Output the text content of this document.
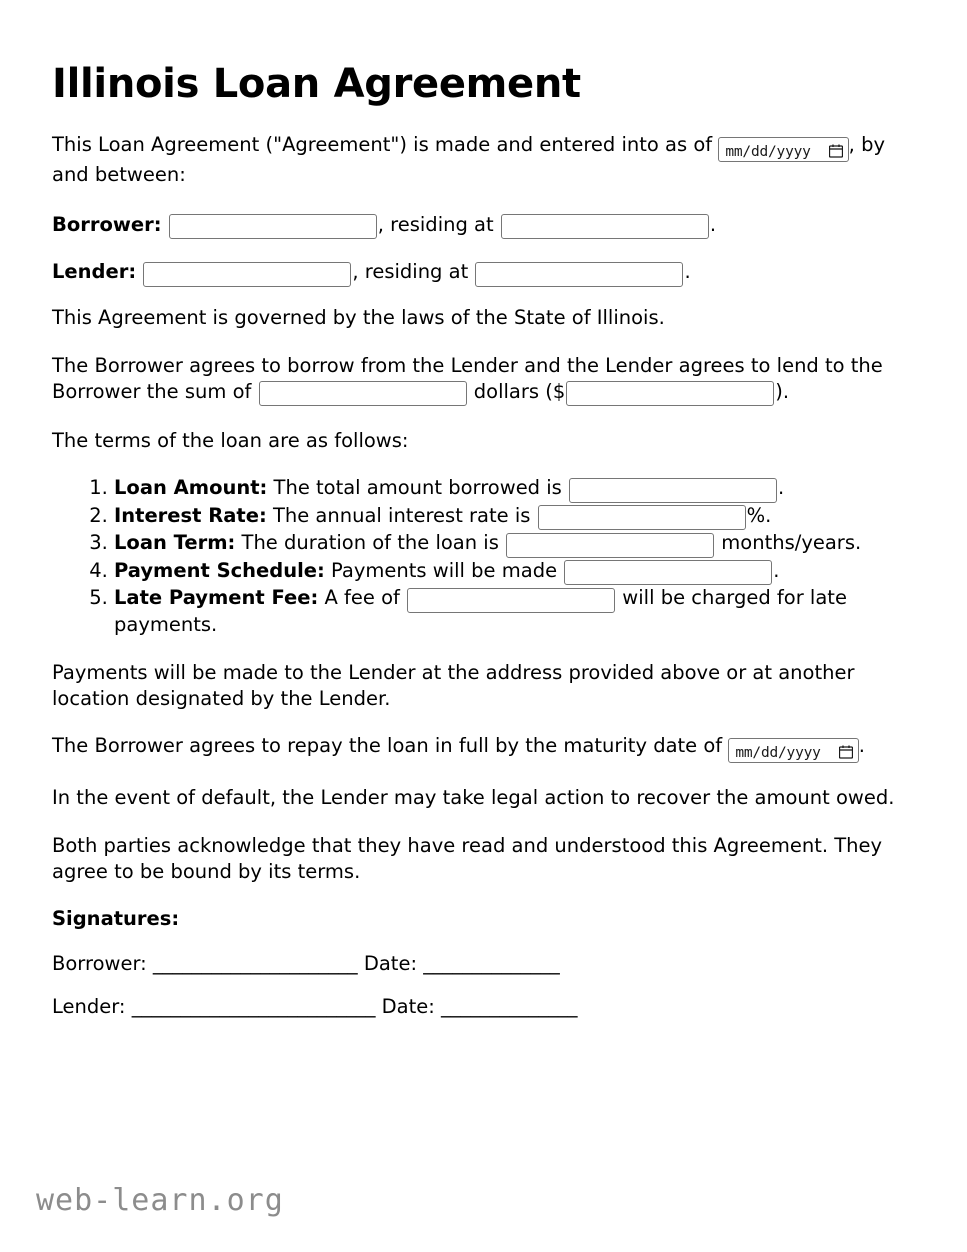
Illinois Loan Agreement

This Loan Agreement ("Agreement") is made and entered into as of mm/dd/yyyy , by and between:

Borrower:	, residing at	.

Lender:	, residing at	.

This Agreement is governed by the laws of the State of Illinois.

The Borrower agrees to borrow from the Lender and the Lender agrees to lend to the Borrower the sum of	dollars ($	).

The terms of the loan are as follows:

1. Loan Amount: The total amount borrowed is	.
2. Interest Rate: The annual interest rate is	%.
3. Loan Term: The duration of the loan is	months/years.
4. Payment Schedule: Payments will be made	.
5. Late Payment Fee: A fee of	will be charged for late payments.

Payments will be made to the Lender at the address provided above or at another location designated by the Lender.

The Borrower agrees to repay the loan in full by the maturity date of mm/dd/yyyy .

In the event of default, the Lender may take legal action to recover the amount owed.

Both parties acknowledge that they have read and understood this Agreement. They agree to be bound by its terms.

Signatures:
Borrower: _____________________ Date: ______________
Lender: _________________________ Date: ______________
web-learn.org
